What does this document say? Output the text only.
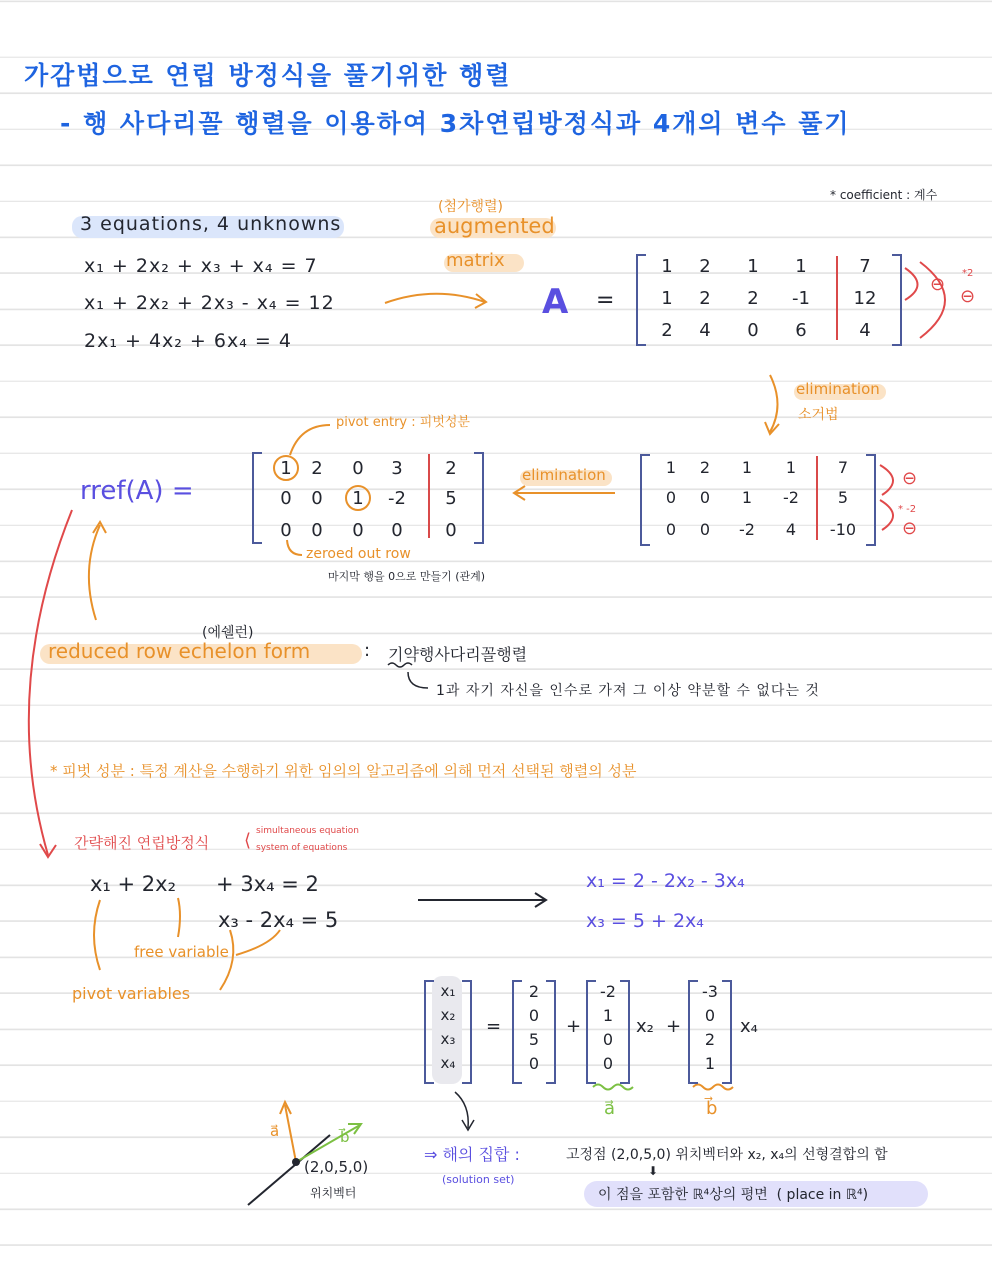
가감법으로 연립 방정식을 풀기위한 행렬
- 행 사다리꼴 행렬을 이용하여 3차연립방정식과 4개의 변수 풀기
* coefficient : 계수
3 equations, 4 unknowns
x₁ + 2x₂ + x₃ + x₄ = 7
x₁ + 2x₂ + 2x₃ - x₄ = 12
2x₁ + 4x₂ + 6x₄ = 4
(첨가행렬)
augmented
matrix
A =
1	2	1	1	7
1	2	2	-1	12
2	4	0	6	4
⊖
⊖
*2
elimination
소거법
1	2	1	1	7
0	0	1	-2	5
0	0	-2	4	-10
⊖
⊖
* -2
elimination
rref(A) =
pivot entry : 피벗성분
1	2	0	3	2
0	0	1	-2	5
0	0	0	0	0
zeroed out row
마지막 행을 0으로 만들기 (관계)
(에쉘런)
reduced row echelon form	: 기약행사다리꼴행렬
1과 자기 자신을 인수로 가져 그 이상 약분할 수 없다는 것
* 피벗 성분 : 특정 계산을 수행하기 위한 임의의 알고리즘에 의해 먼저 선택된 행렬의 성분
간략해진 연립방정식 ⟨ simultaneous equation
system of equations
x₁ + 2x₂      + 3x₄ = 2
x₃ - 2x₄ = 5
free variable
pivot variables
x₁ = 2 - 2x₂ - 3x₄
x₃ = 5 + 2x₄
x₁
x₂
x₃
x₄
=
2
0
5
0
+
-2
1
0
0
x₂ +
-3
0
2
1
x₄
a⃗	b⃗
⇒ 해의 집합 :
(solution set)
고정점 (2,0,5,0) 위치벡터와 x₂, x₄의 선형결합의 합
⬇
이 점을 포함한 ℝ⁴상의 평면  ( place in ℝ⁴)
a⃗	b⃗
(2,0,5,0)
위치벡터
